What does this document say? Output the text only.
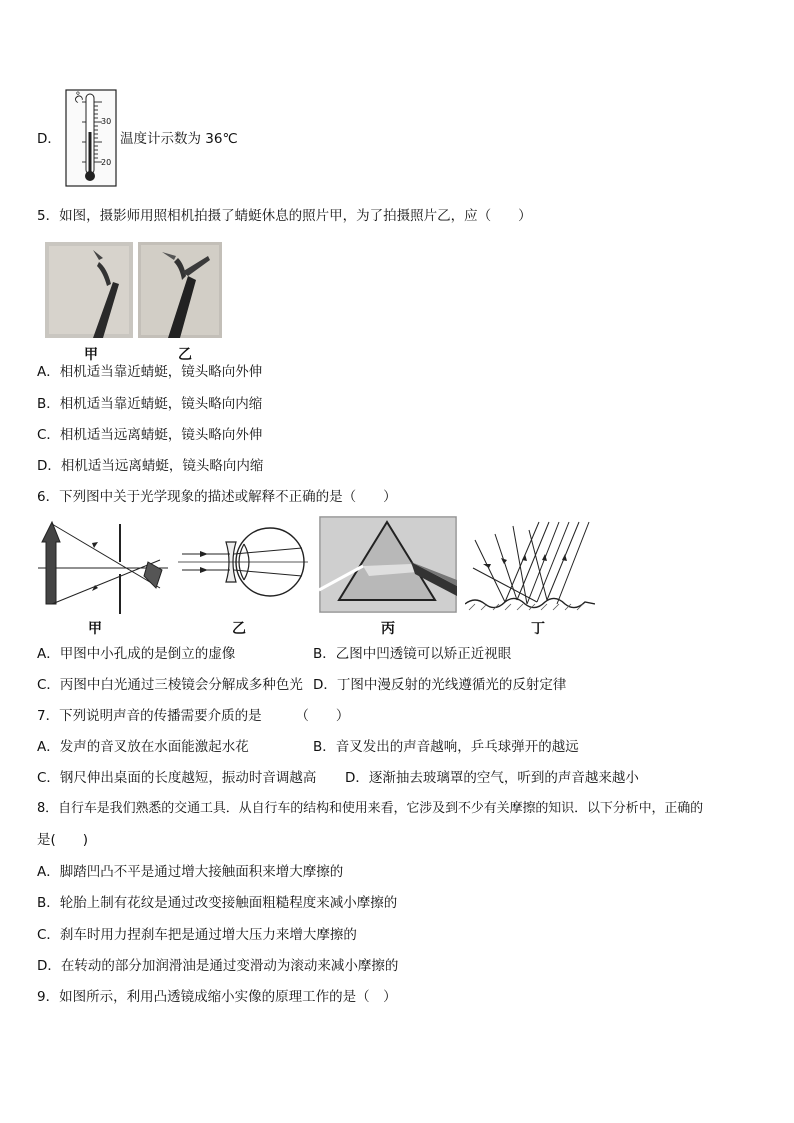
D．
℃
30
20
温度计示数为 36℃
5．如图，摄影师用照相机拍摄了蜻蜓休息的照片甲，为了拍摄照片乙，应（　　）
甲	乙
A．相机适当靠近蜻蜓，镜头略向外伸
B．相机适当靠近蜻蜓，镜头略向内缩
C．相机适当远离蜻蜓，镜头略向外伸
D．相机适当远离蜻蜓，镜头略向内缩
6．下列图中关于光学现象的描述或解释不正确的是（　　）
甲	乙	丙	丁
A．甲图中小孔成的是倒立的虚像	B．乙图中凹透镜可以矫正近视眼
C．丙图中白光通过三棱镜会分解成多种色光 D．丁图中漫反射的光线遵循光的反射定律
7．下列说明声音的传播需要介质的是　　　（　　）
A．发声的音叉放在水面能激起水花	B．音叉发出的声音越响，乒乓球弹开的越远
C．钢尺伸出桌面的长度越短，振动时音调越高 D．逐渐抽去玻璃罩的空气，听到的声音越来越小
8．自行车是我们熟悉的交通工具．从自行车的结构和使用来看，它涉及到不少有关摩擦的知识．以下分析中，正确的
是(　　)
A．脚踏凹凸不平是通过增大接触面积来增大摩擦的
B．轮胎上制有花纹是通过改变接触面粗糙程度来减小摩擦的
C．刹车时用力捏刹车把是通过增大压力来增大摩擦的
D．在转动的部分加润滑油是通过变滑动为滚动来减小摩擦的
9．如图所示，利用凸透镜成缩小实像的原理工作的是（　）
